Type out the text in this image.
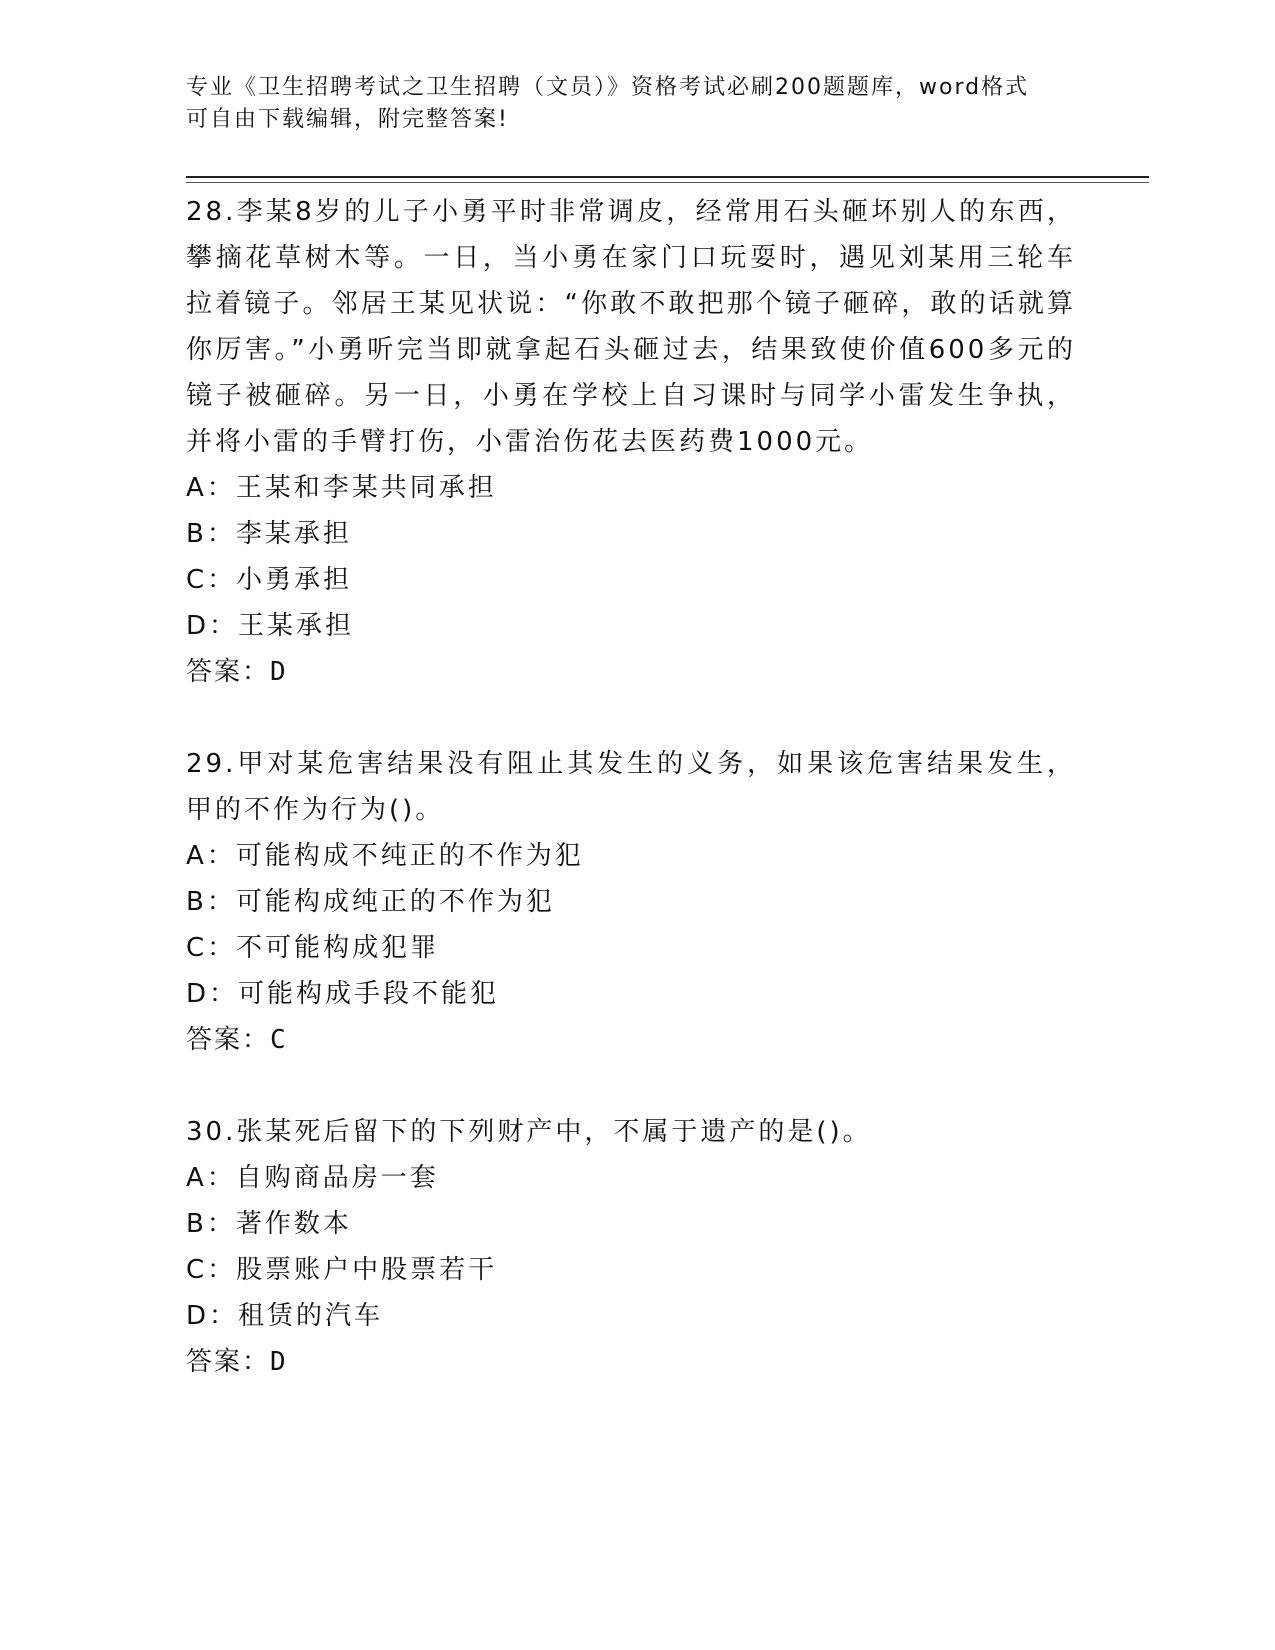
专业《卫生招聘考试之卫生招聘（文员）》资格考试必刷200题题库，word格式

可自由下载编辑，附完整答案!

28.李某8岁的儿子小勇平时非常调皮，经常用石头砸坏别人的东西，攀摘花草树木等。一日，当小勇在家门口玩耍时，遇见刘某用三轮车拉着镜子。邻居王某见状说：“你敢不敢把那个镜子砸碎，敢的话就算你厉害。”小勇听完当即就拿起石头砸过去，结果致使价值600多元的镜子被砸碎。另一日，小勇在学校上自习课时与同学小雷发生争执，并将小雷的手臂打伤，小雷治伤花去医药费1000元。

A：王某和李某共同承担

B：李某承担

C：小勇承担

D：王某承担

答案：D

29.甲对某危害结果没有阻止其发生的义务，如果该危害结果发生，甲的不作为行为()。

A：可能构成不纯正的不作为犯

B：可能构成纯正的不作为犯

C：不可能构成犯罪

D：可能构成手段不能犯

答案：C

30.张某死后留下的下列财产中，不属于遗产的是()。

A：自购商品房一套

B：著作数本

C：股票账户中股票若干

D：租赁的汽车

答案：D
